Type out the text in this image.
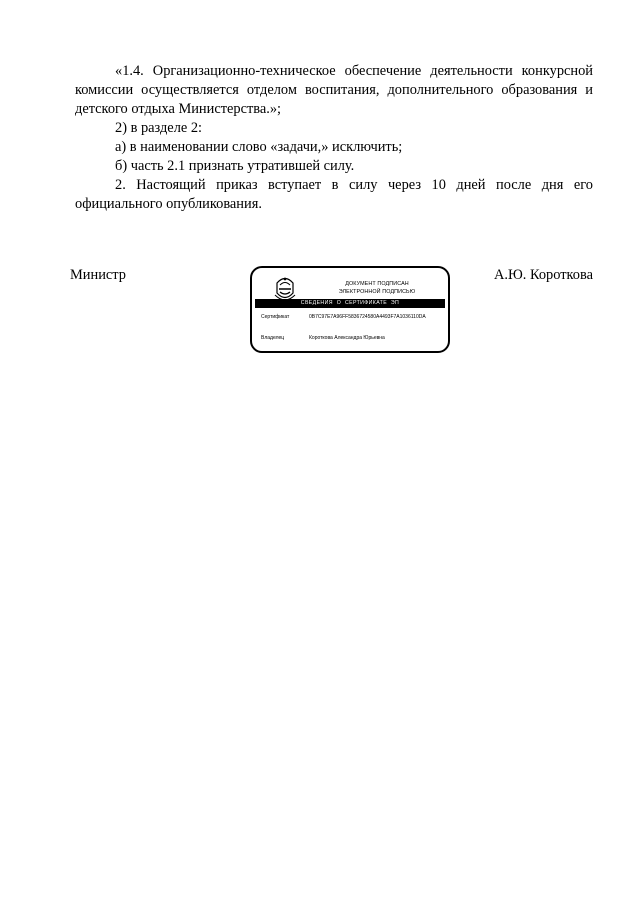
«1.4. Организационно-техническое обеспечение деятельности конкурсной комиссии осуществляется отделом воспитания, дополнительного образования и детского отдыха Министерства.»;

2) в разделе 2:

а) в наименовании слово «задачи,» исключить;

б) часть 2.1 признать утратившей силу.

2. Настоящий приказ вступает в силу через 10 дней после дня его официального опубликования.

Министр
ДОКУМЕНТ ПОДПИСАН
ЭЛЕКТРОННОЙ ПОДПИСЬЮ
СВЕДЕНИЯ О СЕРТИФИКАТЕ ЭП
Сертификат	0B7C97E7A96FF5836724580A4493F7A1036110DA
Владелец	Короткова Александра Юрьевна
А.Ю. Короткова
